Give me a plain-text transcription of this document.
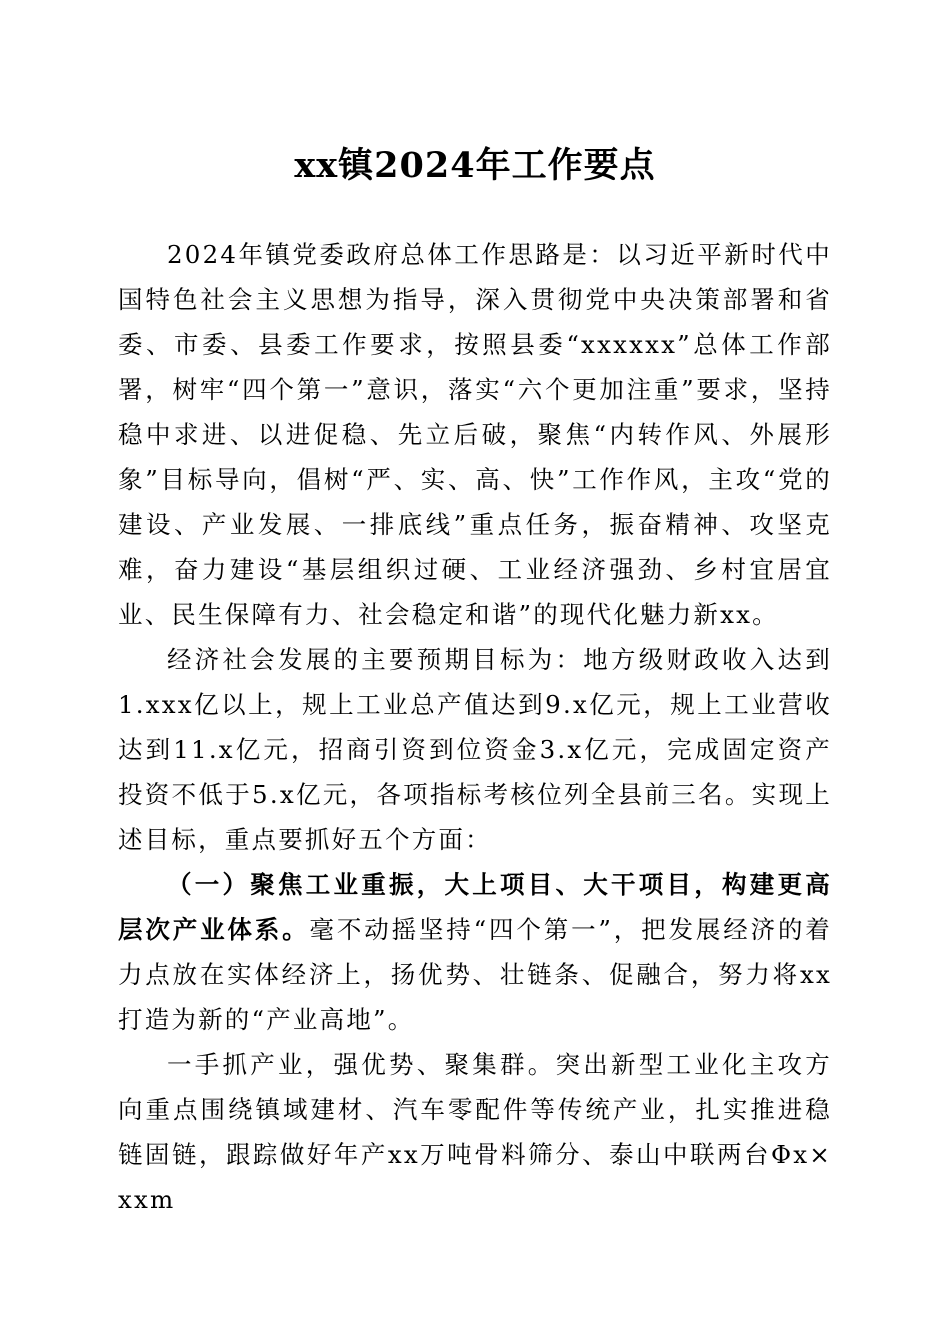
xx镇2024年工作要点

2024年镇党委政府总体工作思路是：以习近平新时代中国特色社会主义思想为指导，深入贯彻党中央决策部署和省委、市委、县委工作要求，按照县委“xxxxxx”总体工作部署，树牢“四个第一”意识，落实“六个更加注重”要求，坚持稳中求进、以进促稳、先立后破，聚焦“内转作风、外展形象”目标导向，倡树“严、实、高、快”工作作风，主攻“党的建设、产业发展、一排底线”重点任务，振奋精神、攻坚克难，奋力建设“基层组织过硬、工业经济强劲、乡村宜居宜业、民生保障有力、社会稳定和谐”的现代化魅力新xx。

经济社会发展的主要预期目标为：地方级财政收入达到1.xxx亿以上，规上工业总产值达到9.x亿元，规上工业营收达到11.x亿元，招商引资到位资金3.x亿元，完成固定资产投资不低于5.x亿元，各项指标考核位列全县前三名。实现上述目标，重点要抓好五个方面：

（一）聚焦工业重振，大上项目、大干项目，构建更高层次产业体系。毫不动摇坚持“四个第一”，把发展经济的着力点放在实体经济上，扬优势、壮链条、促融合，努力将xx打造为新的“产业高地”。

一手抓产业，强优势、聚集群。突出新型工业化主攻方向重点围绕镇域建材、汽车零配件等传统产业，扎实推进稳链固链，跟踪做好年产xx万吨骨料筛分、泰山中联两台Φx×xxm
